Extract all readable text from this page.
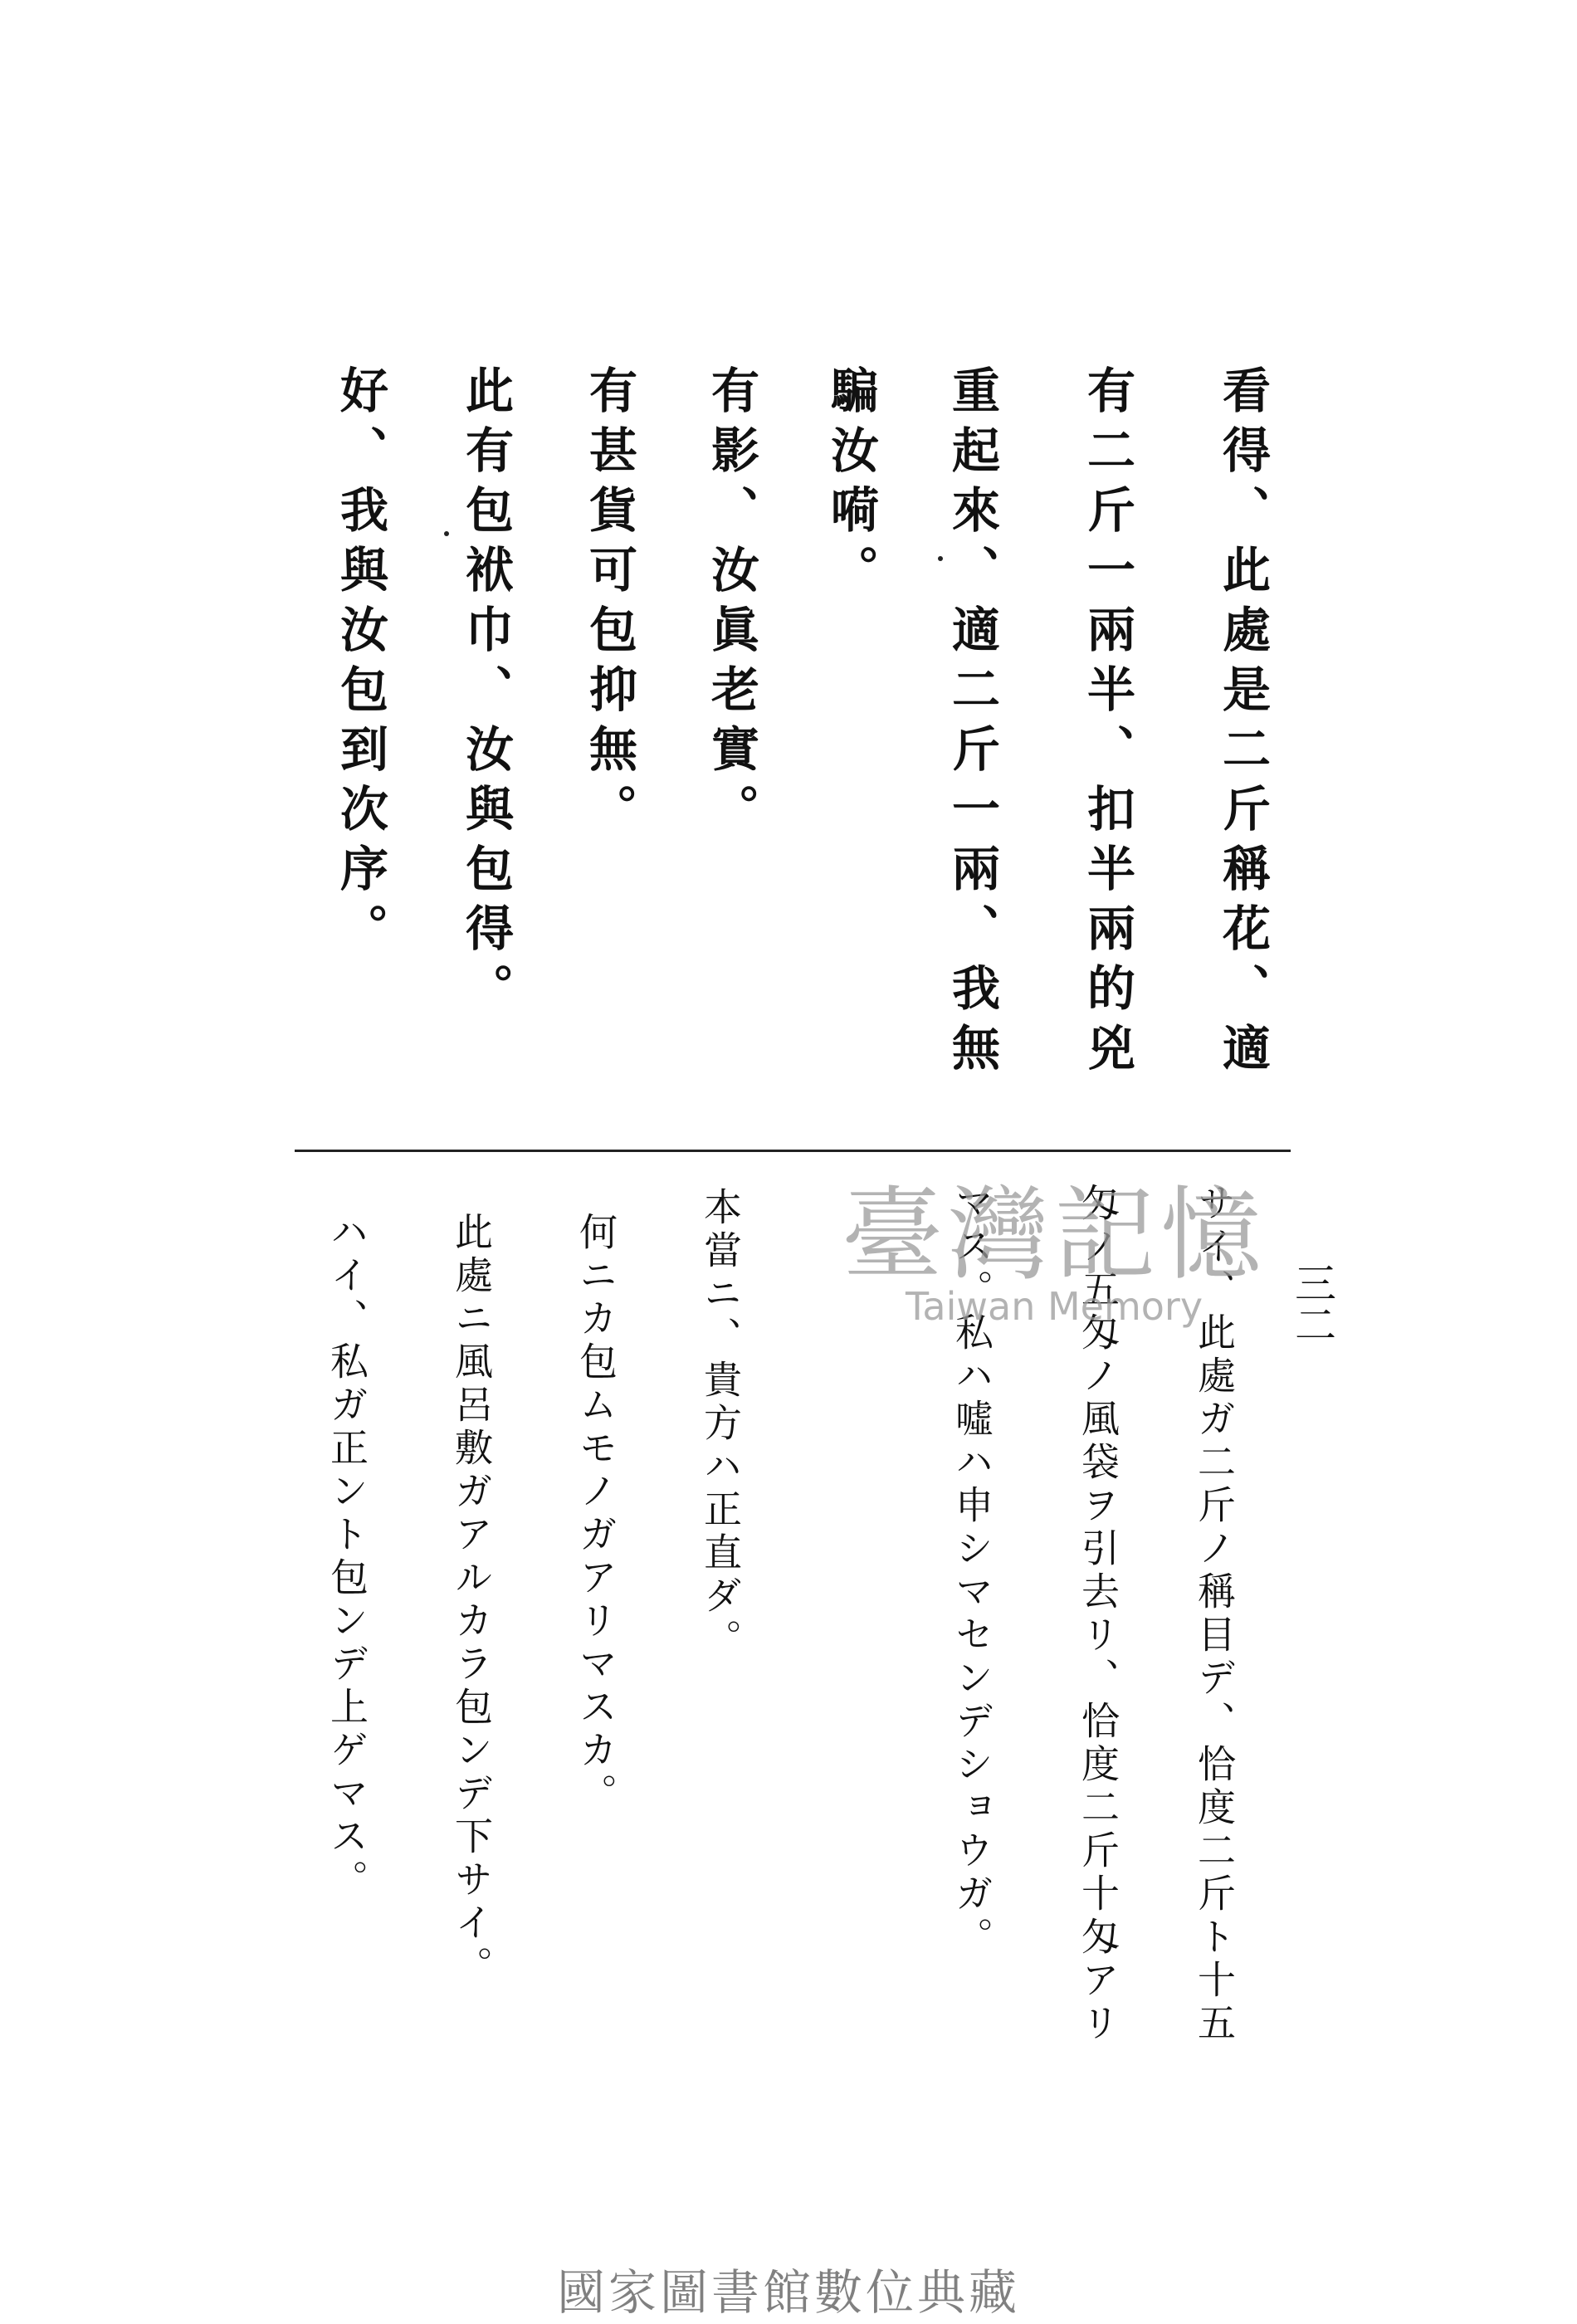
看得、此處是二斤稱花、適
有二斤一兩半、扣半兩的兇
重起來、適二斤一兩、我無
騙汝嗬。
有影、汝眞老實。
有甚貨可包抑無。
此有包袱巾、汝與包得。
好、我與汝包到次序。
三二
サイ、此處ガ二斤ノ稱目デ、恰度二斤ト十五
匁ノ五匁ノ風袋ヲ引去リ、恰度二斤十匁アリ
マス。私ハ噓ハ申シマセンデショウガ。
本當ニ、貴方ハ正直ダ。
何ニカ包ムモノガアリマスカ。
此處ニ風呂敷ガアルカラ包ンデ下サイ。
ハイ、私ガ正ント包ンデ上ゲマス。	臺灣記憶
Taiwan Memory
國家圖書館數位典藏
